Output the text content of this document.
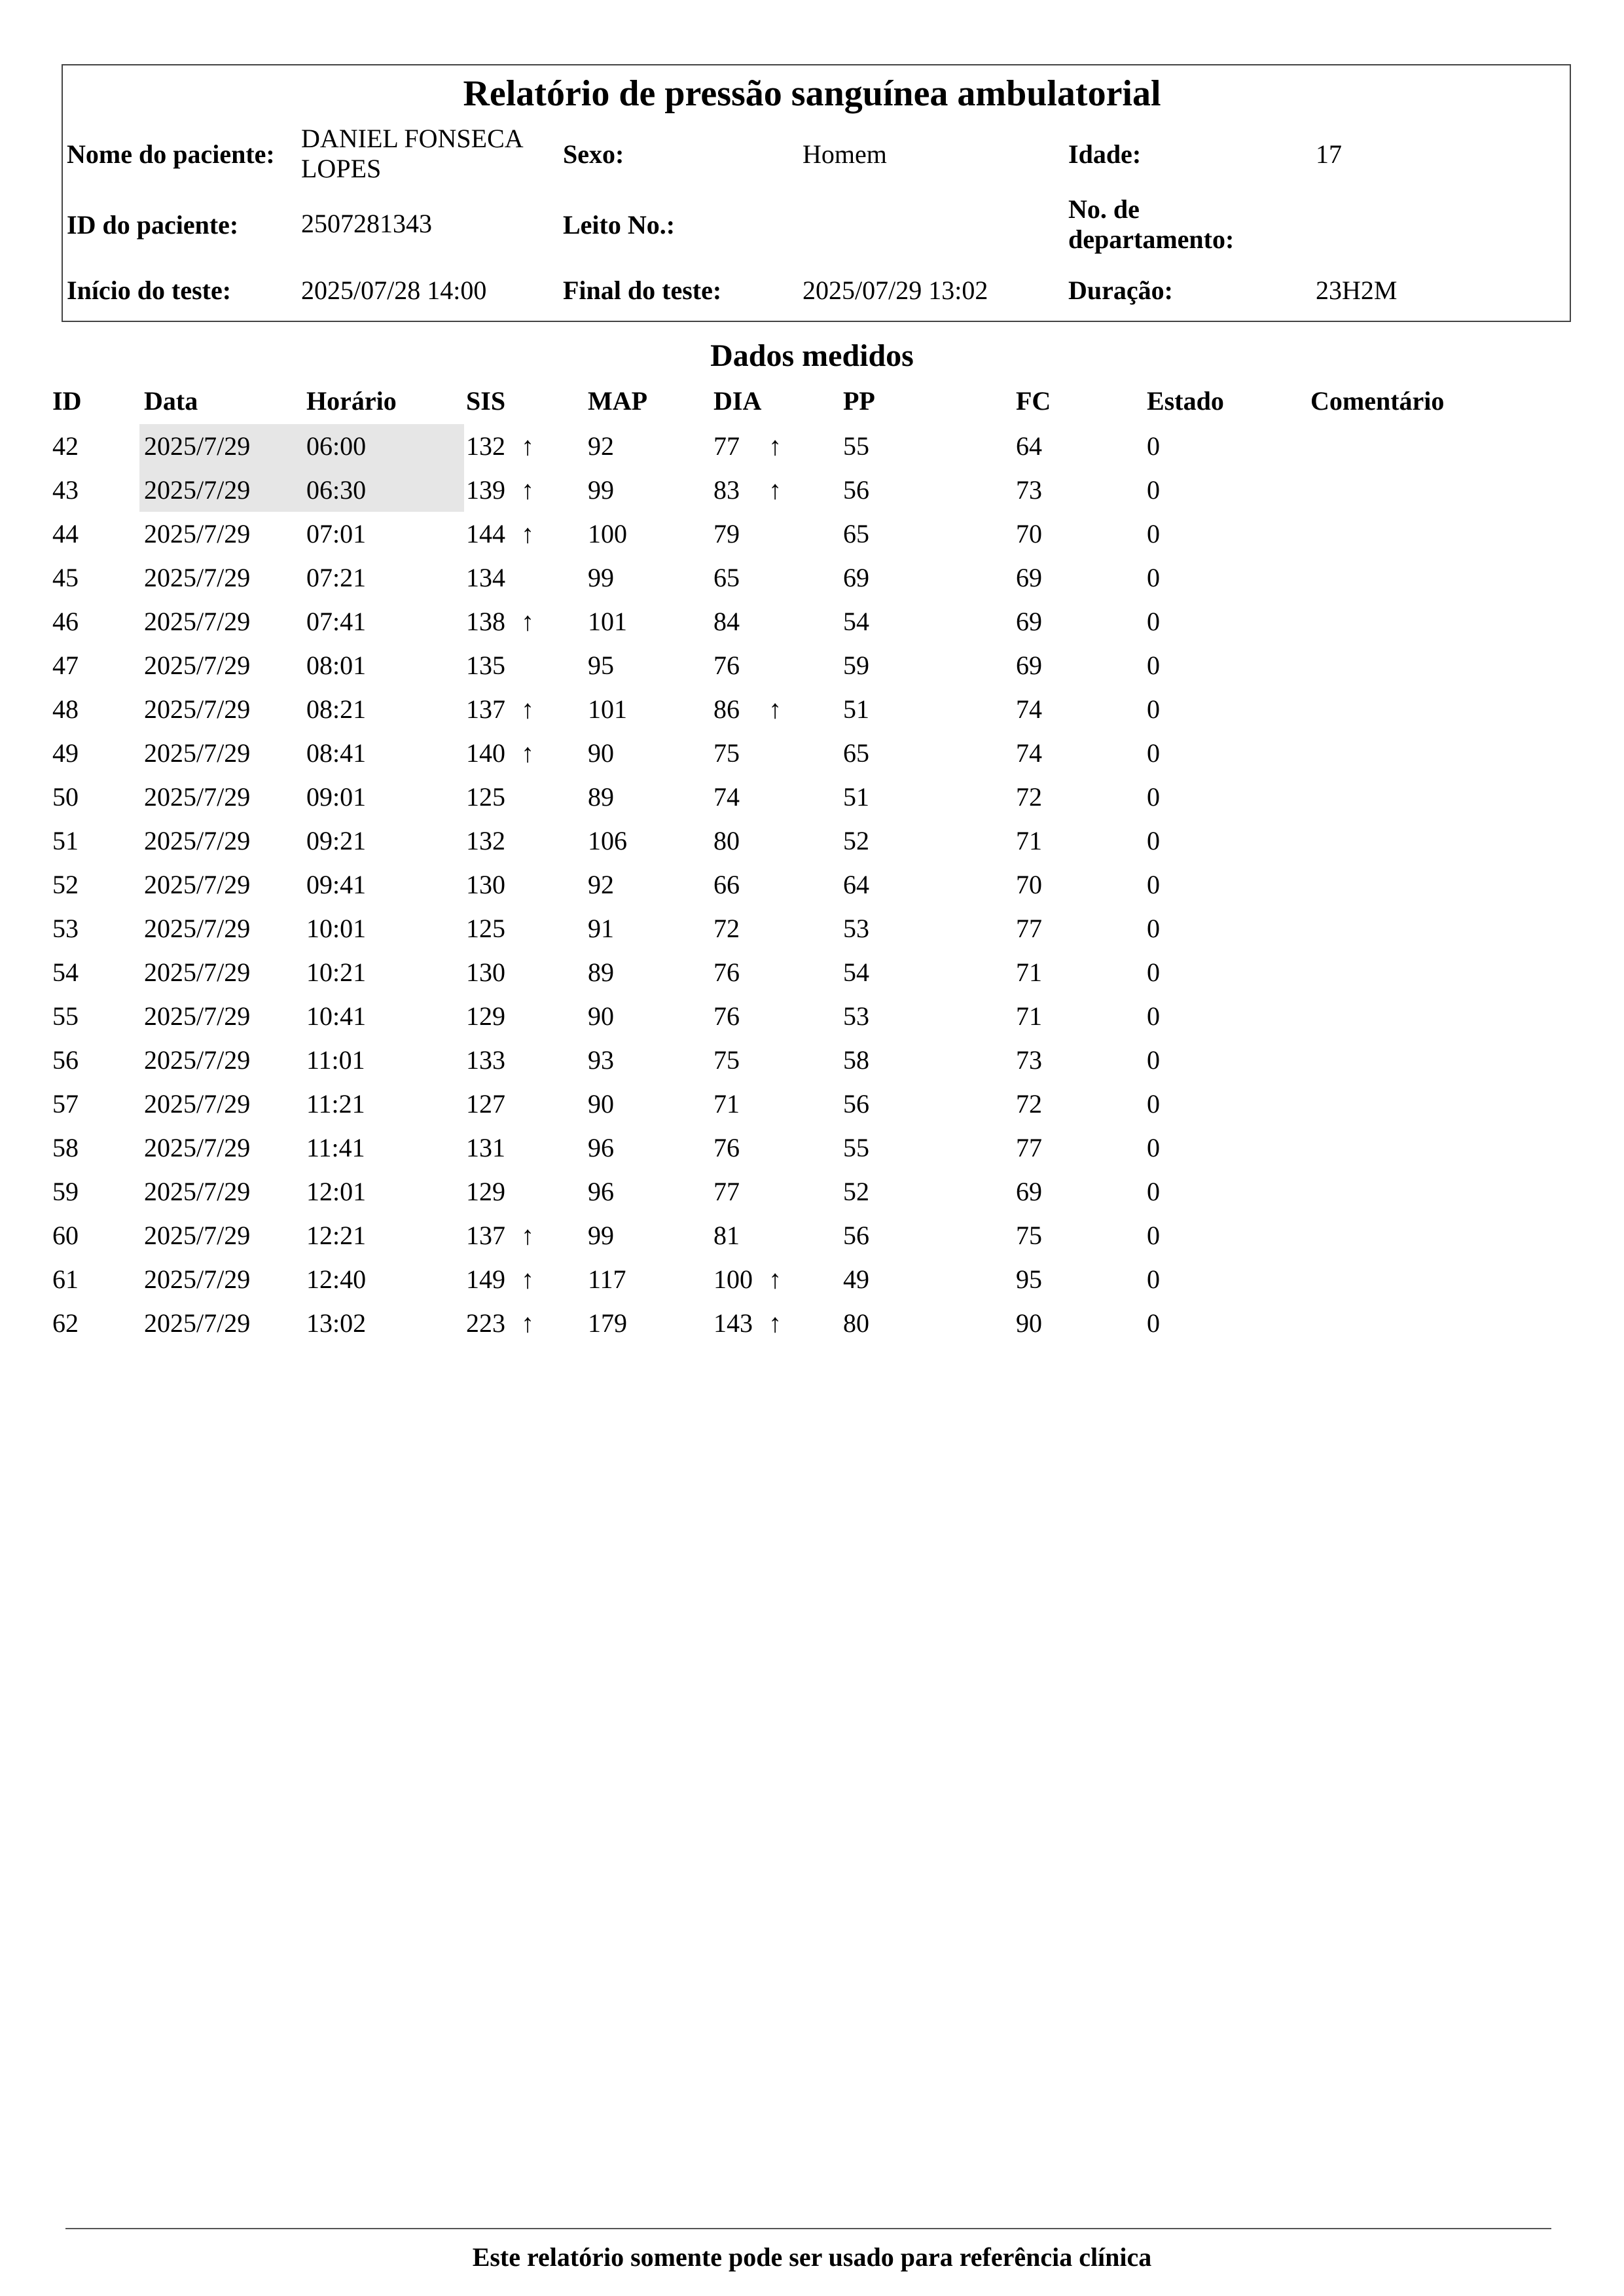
Relatório de pressão sanguínea ambulatorial
Nome do paciente:
DANIEL FONSECA
LOPES	Sexo:	Homem	Idade:	17
ID do paciente: 2507281343	Leito No.:
No. de
departamento:
Início do teste:	2025/07/28 14:00	Final do teste:	2025/07/29 13:02	Duração:	23H2M
Dados medidos
ID Data	Horário	SIS	MAP	DIA	PP	FC	Estado	Comentário
42	2025/7/29 06:00	132 ↑ 92	77 ↑ 55	64	0
43	2025/7/29 06:30	139 ↑ 99	83 ↑ 56	73	0
44	2025/7/29 07:01	144 ↑ 100	79	65	70	0
45	2025/7/29 07:21	134	99	65	69	69	0
46	2025/7/29 07:41	138 ↑ 101	84	54	69	0
47	2025/7/29 08:01	135	95	76	59	69	0
48	2025/7/29 08:21	137 ↑ 101	86 ↑ 51	74	0
49	2025/7/29 08:41	140 ↑ 90	75	65	74	0
50	2025/7/29 09:01	125	89	74	51	72	0
51	2025/7/29 09:21	132	106	80	52	71	0
52	2025/7/29 09:41	130	92	66	64	70	0
53	2025/7/29 10:01	125	91	72	53	77	0
54	2025/7/29 10:21	130	89	76	54	71	0
55	2025/7/29 10:41	129	90	76	53	71	0
56	2025/7/29 11:01	133	93	75	58	73	0
57	2025/7/29 11:21	127	90	71	56	72	0
58	2025/7/29 11:41	131	96	76	55	77	0
59	2025/7/29 12:01	129	96	77	52	69	0
60	2025/7/29 12:21	137 ↑ 99	81	56	75	0
61	2025/7/29 12:40	149 ↑ 117	100 ↑ 49	95	0
62	2025/7/29 13:02	223 ↑ 179	143 ↑ 80	90	0
Este relatório somente pode ser usado para referência clínica
